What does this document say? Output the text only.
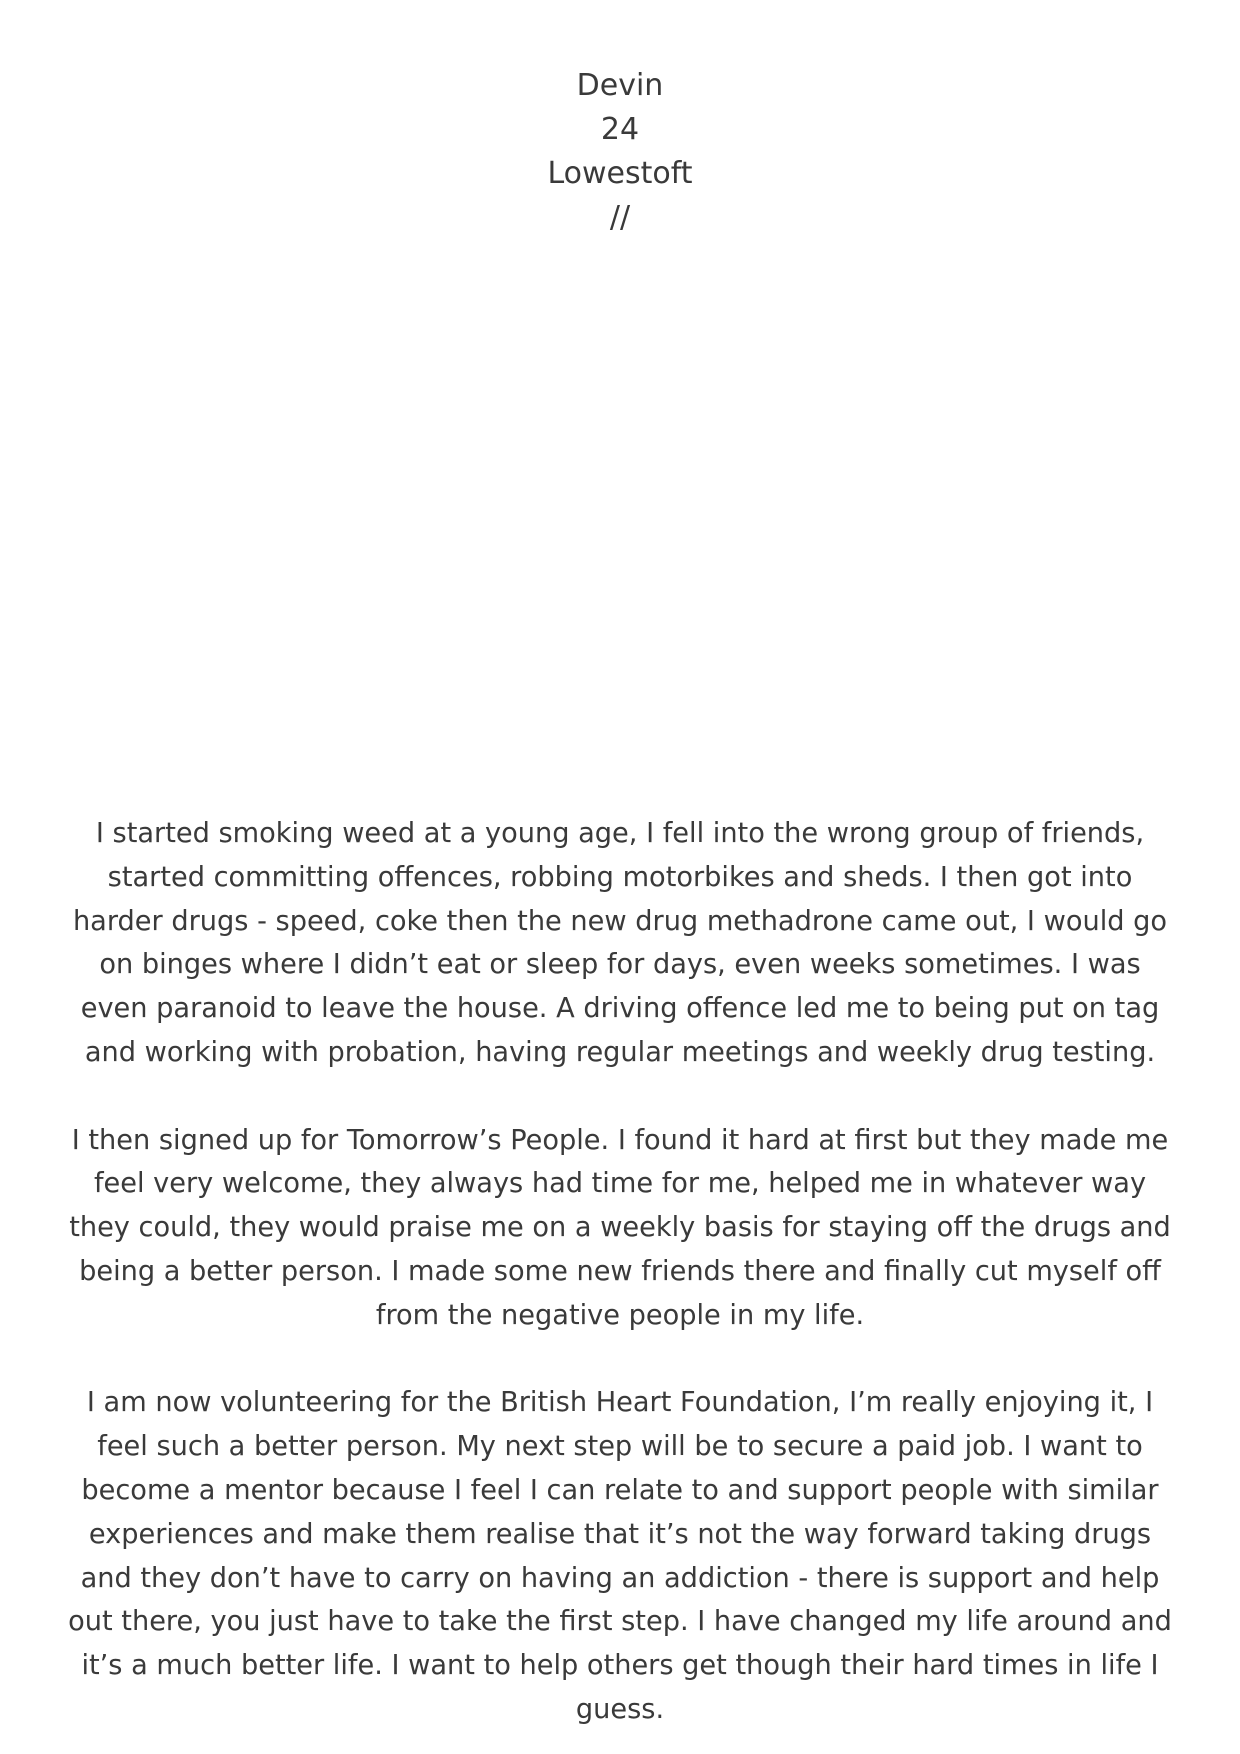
Devin
24
Lowestoft
//

I started smoking weed at a young age, I fell into the wrong group of friends, started committing offences, robbing motorbikes and sheds. I then got into harder drugs - speed, coke then the new drug methadrone came out, I would go on binges where I didn’t eat or sleep for days, even weeks sometimes. I was even paranoid to leave the house. A driving offence led me to being put on tag and working with probation, having regular meetings and weekly drug testing.

I then signed up for Tomorrow’s People. I found it hard at first but they made me feel very welcome, they always had time for me, helped me in whatever way they could, they would praise me on a weekly basis for staying off the drugs and being a better person. I made some new friends there and finally cut myself off from the negative people in my life.

I am now volunteering for the British Heart Foundation, I’m really enjoying it, I feel such a better person. My next step will be to secure a paid job. I want to become a mentor because I feel I can relate to and support people with similar experiences and make them realise that it’s not the way forward taking drugs and they don’t have to carry on having an addiction - there is support and help out there, you just have to take the first step. I have changed my life around and it’s a much better life. I want to help others get though their hard times in life I guess.
